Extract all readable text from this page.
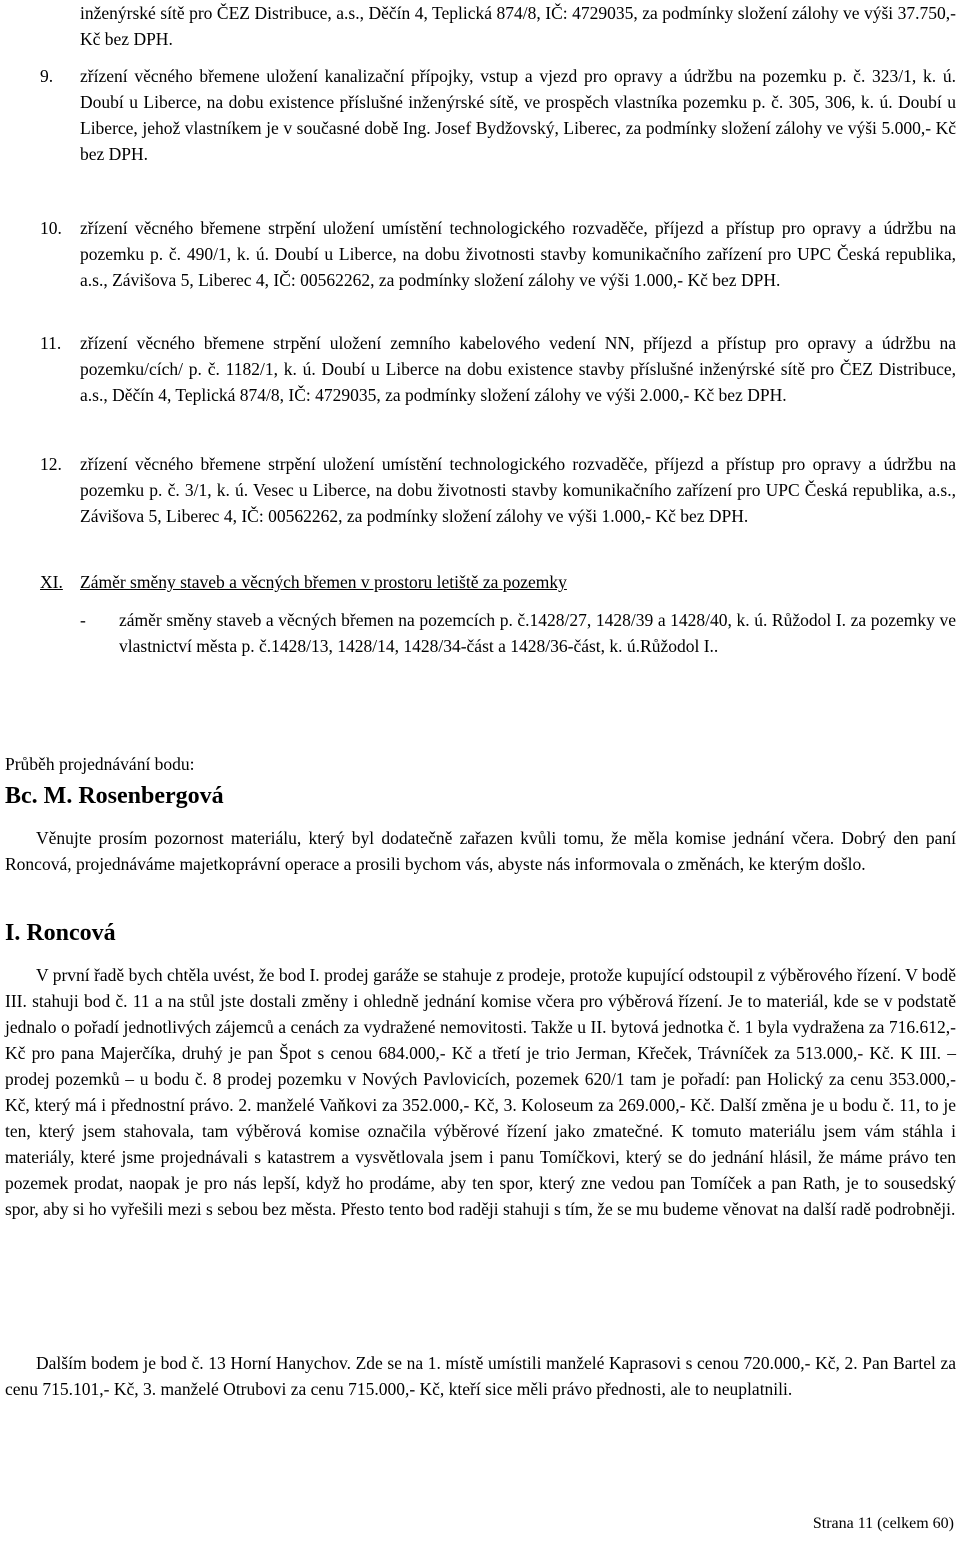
inženýrské sítě pro ČEZ Distribuce, a.s., Děčín 4, Teplická 874/8, IČ: 4729035, za podmínky složení zálohy ve výši 37.750,- Kč bez DPH.
9.	zřízení věcného břemene uložení kanalizační přípojky, vstup a vjezd pro opravy a údržbu na pozemku p. č. 323/1, k. ú. Doubí u Liberce, na dobu existence příslušné inženýrské sítě, ve prospěch vlastníka pozemku p. č. 305, 306, k. ú. Doubí u Liberce, jehož vlastníkem je v současné době Ing. Josef Bydžovský, Liberec, za podmínky složení zálohy ve výši 5.000,- Kč bez DPH.
10.	zřízení věcného břemene strpění uložení umístění technologického rozvaděče, příjezd a přístup pro opravy a údržbu na pozemku p. č. 490/1, k. ú. Doubí u Liberce, na dobu životnosti stavby komunikačního zařízení pro UPC Česká republika, a.s., Závišova 5, Liberec 4, IČ: 00562262, za podmínky složení zálohy ve výši 1.000,- Kč bez DPH.
11.	zřízení věcného břemene strpění uložení zemního kabelového vedení NN, příjezd a přístup pro opravy a údržbu na pozemku/cích/ p. č. 1182/1, k. ú. Doubí u Liberce na dobu existence stavby příslušné inženýrské sítě pro ČEZ Distribuce, a.s., Děčín 4, Teplická 874/8, IČ: 4729035, za podmínky složení zálohy ve výši 2.000,- Kč bez DPH.
12.	zřízení věcného břemene strpění uložení umístění technologického rozvaděče, příjezd a přístup pro opravy a údržbu na pozemku p. č. 3/1, k. ú. Vesec u Liberce, na dobu životnosti stavby komunikačního zařízení pro UPC Česká republika, a.s., Závišova 5, Liberec 4, IČ: 00562262, za podmínky složení zálohy ve výši 1.000,- Kč bez DPH.
XI. Záměr směny staveb a věcných břemen v prostoru letiště za pozemky
-	záměr směny staveb a věcných břemen na pozemcích p. č.1428/27, 1428/39 a 1428/40, k. ú. Růžodol I. za pozemky ve vlastnictví města p. č.1428/13, 1428/14, 1428/34-část a 1428/36-část, k. ú.Růžodol I..
Průběh projednávání bodu:
Bc. M. Rosenbergová
Věnujte prosím pozornost materiálu, který byl dodatečně zařazen kvůli tomu, že měla komise jednání včera. Dobrý den paní Roncová, projednáváme majetkoprávní operace a prosili bychom vás, abyste nás informovala o změnách, ke kterým došlo.
I. Roncová
V první řadě bych chtěla uvést, že bod I. prodej garáže se stahuje z prodeje, protože kupující odstoupil z výběrového řízení. V bodě III. stahuji bod č. 11 a na stůl jste dostali změny i ohledně jednání komise včera pro výběrová řízení. Je to materiál, kde se v podstatě jednalo o pořadí jednotlivých zájemců a cenách za vydražené nemovitosti. Takže u II. bytová jednotka č. 1 byla vydražena za 716.612,- Kč pro pana Majerčíka, druhý je pan Špot s cenou 684.000,- Kč a třetí je trio Jerman, Křeček, Trávníček za 513.000,- Kč. K III. – prodej pozemků – u bodu č. 8 prodej pozemku v Nových Pavlovicích, pozemek 620/1 tam je pořadí: pan Holický za cenu 353.000,- Kč, který má i přednostní právo. 2. manželé Vaňkovi za 352.000,- Kč, 3. Koloseum za 269.000,- Kč. Další změna je u bodu č. 11, to je ten, který jsem stahovala, tam výběrová komise označila výběrové řízení jako zmatečné. K tomuto materiálu jsem vám stáhla i materiály, které jsme projednávali s katastrem a vysvětlovala jsem i panu Tomíčkovi, který se do jednání hlásil, že máme právo ten pozemek prodat, naopak je pro nás lepší, když ho prodáme, aby ten spor, který zne vedou pan Tomíček a pan Rath, je to sousedský spor, aby si ho vyřešili mezi s sebou bez města. Přesto tento bod raději stahuji s tím, že se mu budeme věnovat na další radě podrobněji.
Dalším bodem je bod č. 13 Horní Hanychov. Zde se na 1. místě umístili manželé Kaprasovi s cenou 720.000,- Kč, 2. Pan Bartel za cenu 715.101,- Kč, 3. manželé Otrubovi za cenu 715.000,- Kč, kteří sice měli právo přednosti, ale to neuplatnili.
Strana 11 (celkem 60)
